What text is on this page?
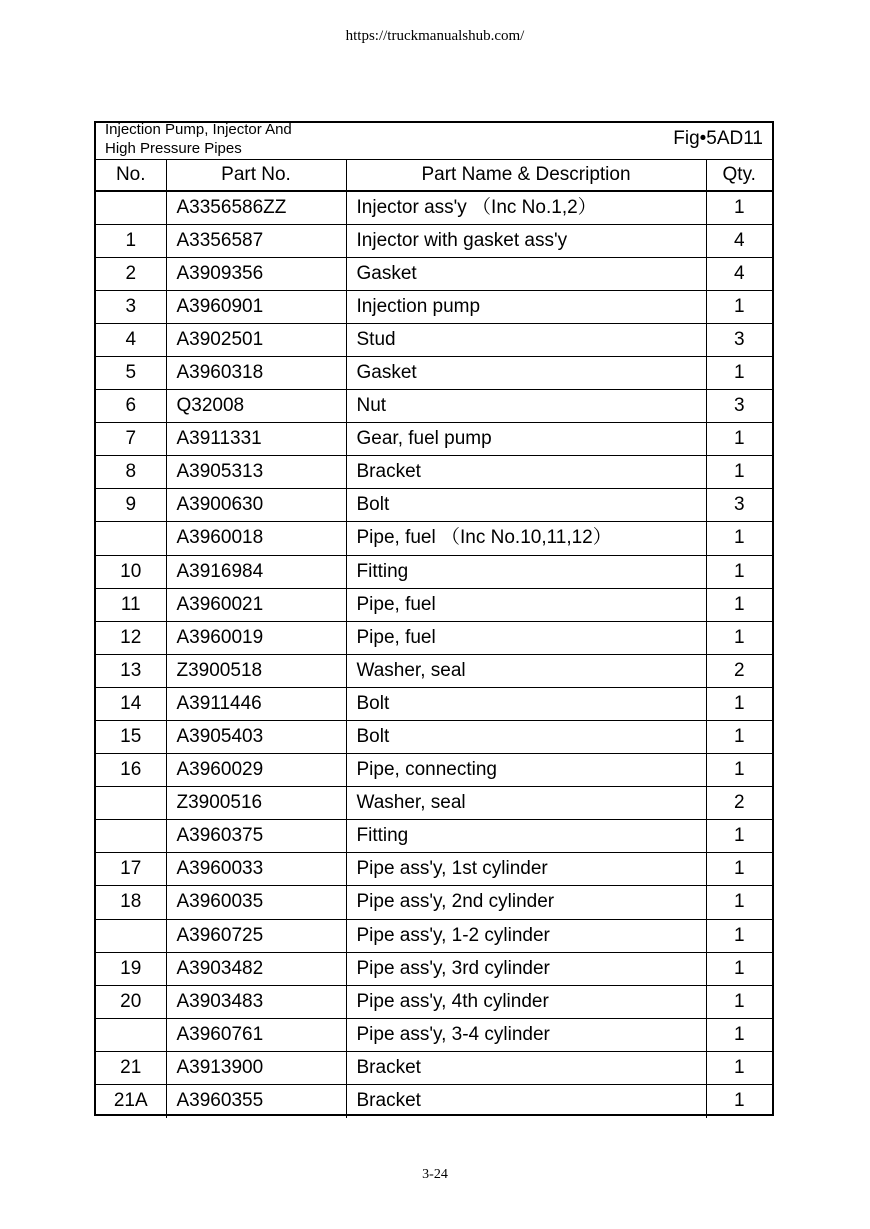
https://truckmanualshub.com/
Injection Pump, Injector And
High Pressure Pipes	Fig•5AD11
No.	Part No.	Part Name & Description	Qty.
	A3356586ZZ	Injector ass'y （Inc No.1,2）	1
1	A3356587	Injector with gasket ass'y	4
2	A3909356	Gasket	4
3	A3960901	Injection pump	1
4	A3902501	Stud	3
5	A3960318	Gasket	1
6	Q32008	Nut	3
7	A3911331	Gear, fuel pump	1
8	A3905313	Bracket	1
9	A3900630	Bolt	3
	A3960018	Pipe, fuel （Inc No.10,11,12）	1
10	A3916984	Fitting	1
11	A3960021	Pipe, fuel	1
12	A3960019	Pipe, fuel	1
13	Z3900518	Washer, seal	2
14	A3911446	Bolt	1
15	A3905403	Bolt	1
16	A3960029	Pipe, connecting	1
	Z3900516	Washer, seal	2
	A3960375	Fitting	1
17	A3960033	Pipe ass'y, 1st cylinder	1
18	A3960035	Pipe ass'y, 2nd cylinder	1
	A3960725	Pipe ass'y, 1-2 cylinder	1
19	A3903482	Pipe ass'y, 3rd cylinder	1
20	A3903483	Pipe ass'y, 4th cylinder	1
	A3960761	Pipe ass'y, 3-4 cylinder	1
21	A3913900	Bracket	1
21A	A3960355	Bracket	1
3-24
